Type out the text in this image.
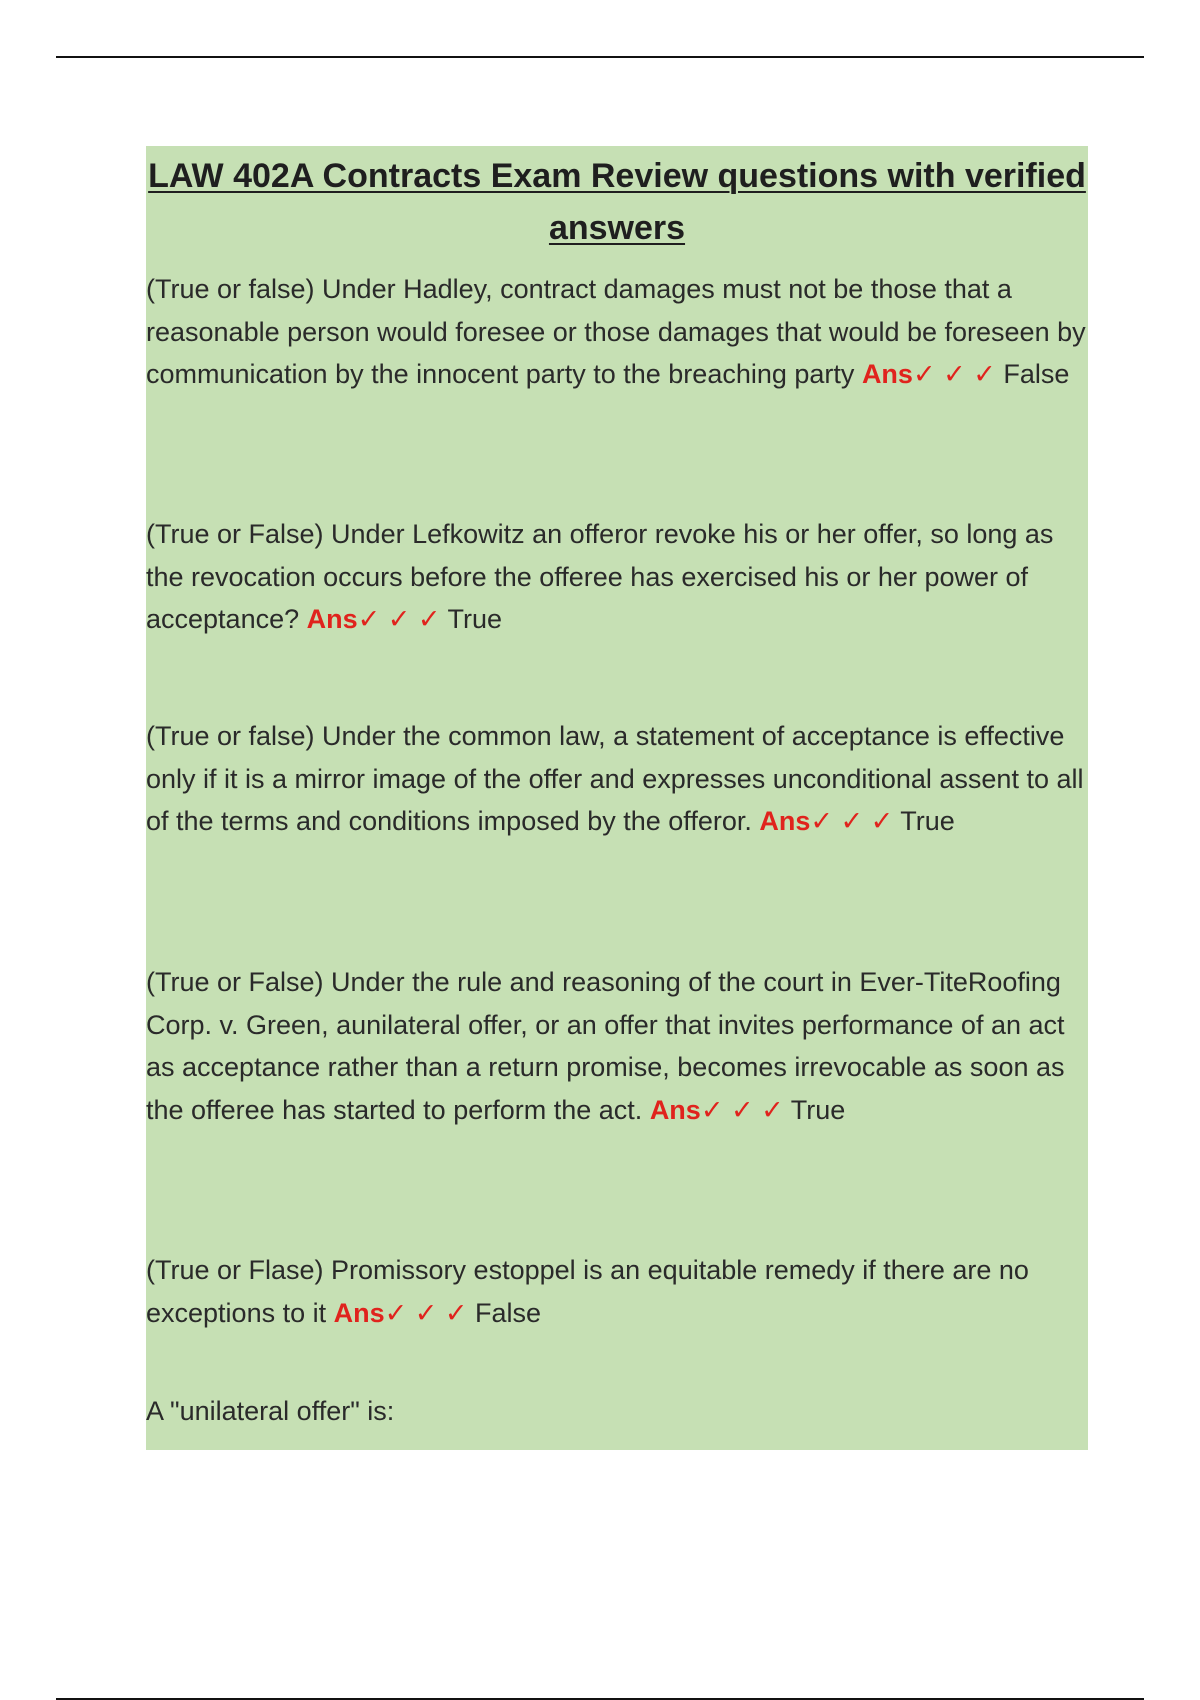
LAW 402A Contracts Exam Review questions with verified answers
(True or false) Under Hadley, contract damages must not be those that a reasonable person would foresee or those damages that would be foreseen by communication by the innocent party to the breaching party Ans✓ ✓ ✓ False
(True or False) Under Lefkowitz an offeror revoke his or her offer, so long as the revocation occurs before the offeree has exercised his or her power of acceptance? Ans✓ ✓ ✓ True
(True or false) Under the common law, a statement of acceptance is effective only if it is a mirror image of the offer and expresses unconditional assent to all of the terms and conditions imposed by the offeror. Ans✓ ✓ ✓ True
(True or False) Under the rule and reasoning of the court in Ever-TiteRoofing Corp. v. Green, aunilateral offer, or an offer that invites performance of an act as acceptance rather than a return promise, becomes irrevocable as soon as the offeree has started to perform the act. Ans✓ ✓ ✓ True
(True or Flase) Promissory estoppel is an equitable remedy if there are no exceptions to it Ans✓ ✓ ✓ False
A "unilateral offer" is:
